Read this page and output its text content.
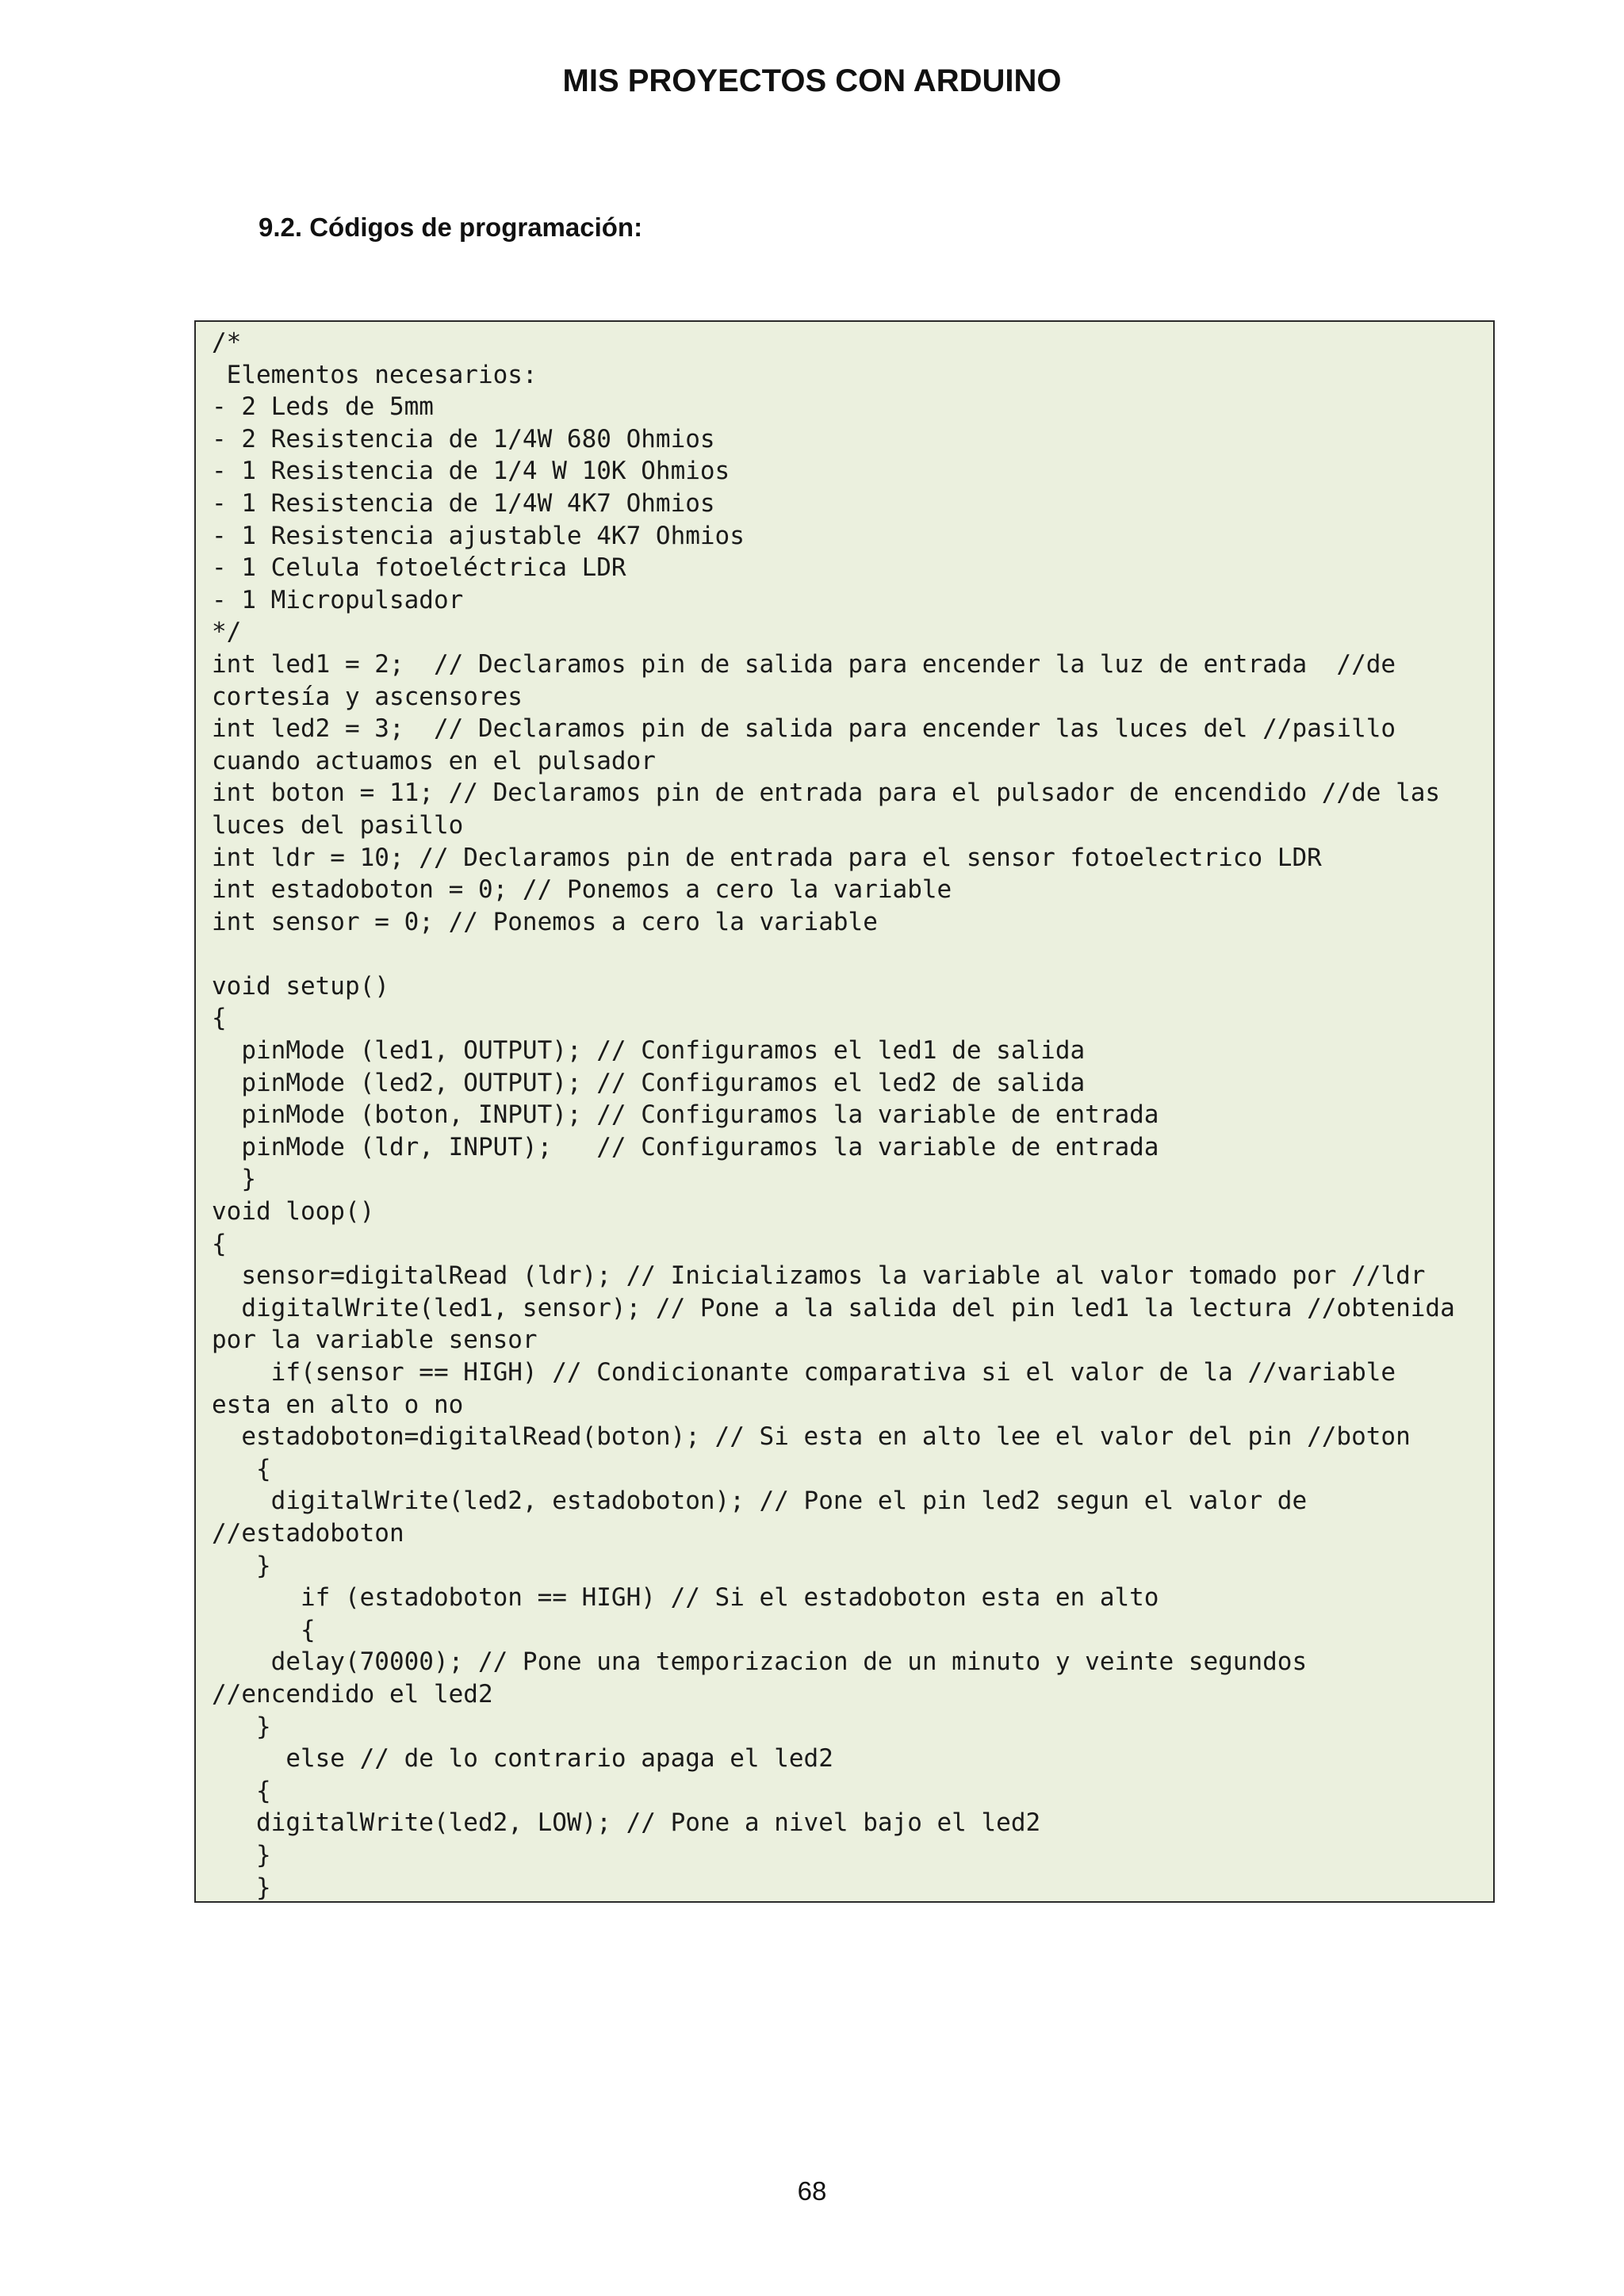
MIS PROYECTOS CON ARDUINO
9.2. Códigos de programación:
/*
Elementos necesarios:
- 2 Leds de 5mm
- 2 Resistencia de 1/4W 680 Ohmios
- 1 Resistencia de 1/4 W 10K Ohmios
- 1 Resistencia de 1/4W 4K7 Ohmios
- 1 Resistencia ajustable 4K7 Ohmios
- 1 Celula fotoeléctrica LDR
- 1 Micropulsador
*/
int led1 = 2;  // Declaramos pin de salida para encender la luz de entrada  //de
cortesía y ascensores
int led2 = 3;  // Declaramos pin de salida para encender las luces del //pasillo
cuando actuamos en el pulsador
int boton = 11; // Declaramos pin de entrada para el pulsador de encendido //de las
luces del pasillo
int ldr = 10; // Declaramos pin de entrada para el sensor fotoelectrico LDR
int estadoboton = 0; // Ponemos a cero la variable
int sensor = 0; // Ponemos a cero la variable
void setup()
{
pinMode (led1, OUTPUT); // Configuramos el led1 de salida
pinMode (led2, OUTPUT); // Configuramos el led2 de salida
pinMode (boton, INPUT); // Configuramos la variable de entrada
pinMode (ldr, INPUT);   // Configuramos la variable de entrada
}
void loop()
{
sensor=digitalRead (ldr); // Inicializamos la variable al valor tomado por //ldr
digitalWrite(led1, sensor); // Pone a la salida del pin led1 la lectura //obtenida
por la variable sensor
if(sensor == HIGH) // Condicionante comparativa si el valor de la //variable
esta en alto o no
estadoboton=digitalRead(boton); // Si esta en alto lee el valor del pin //boton
{
digitalWrite(led2, estadoboton); // Pone el pin led2 segun el valor de
//estadoboton
}
if (estadoboton == HIGH) // Si el estadoboton esta en alto
{
delay(70000); // Pone una temporizacion de un minuto y veinte segundos
//encendido el led2
}
else // de lo contrario apaga el led2
{
digitalWrite(led2, LOW); // Pone a nivel bajo el led2
}
}
68
